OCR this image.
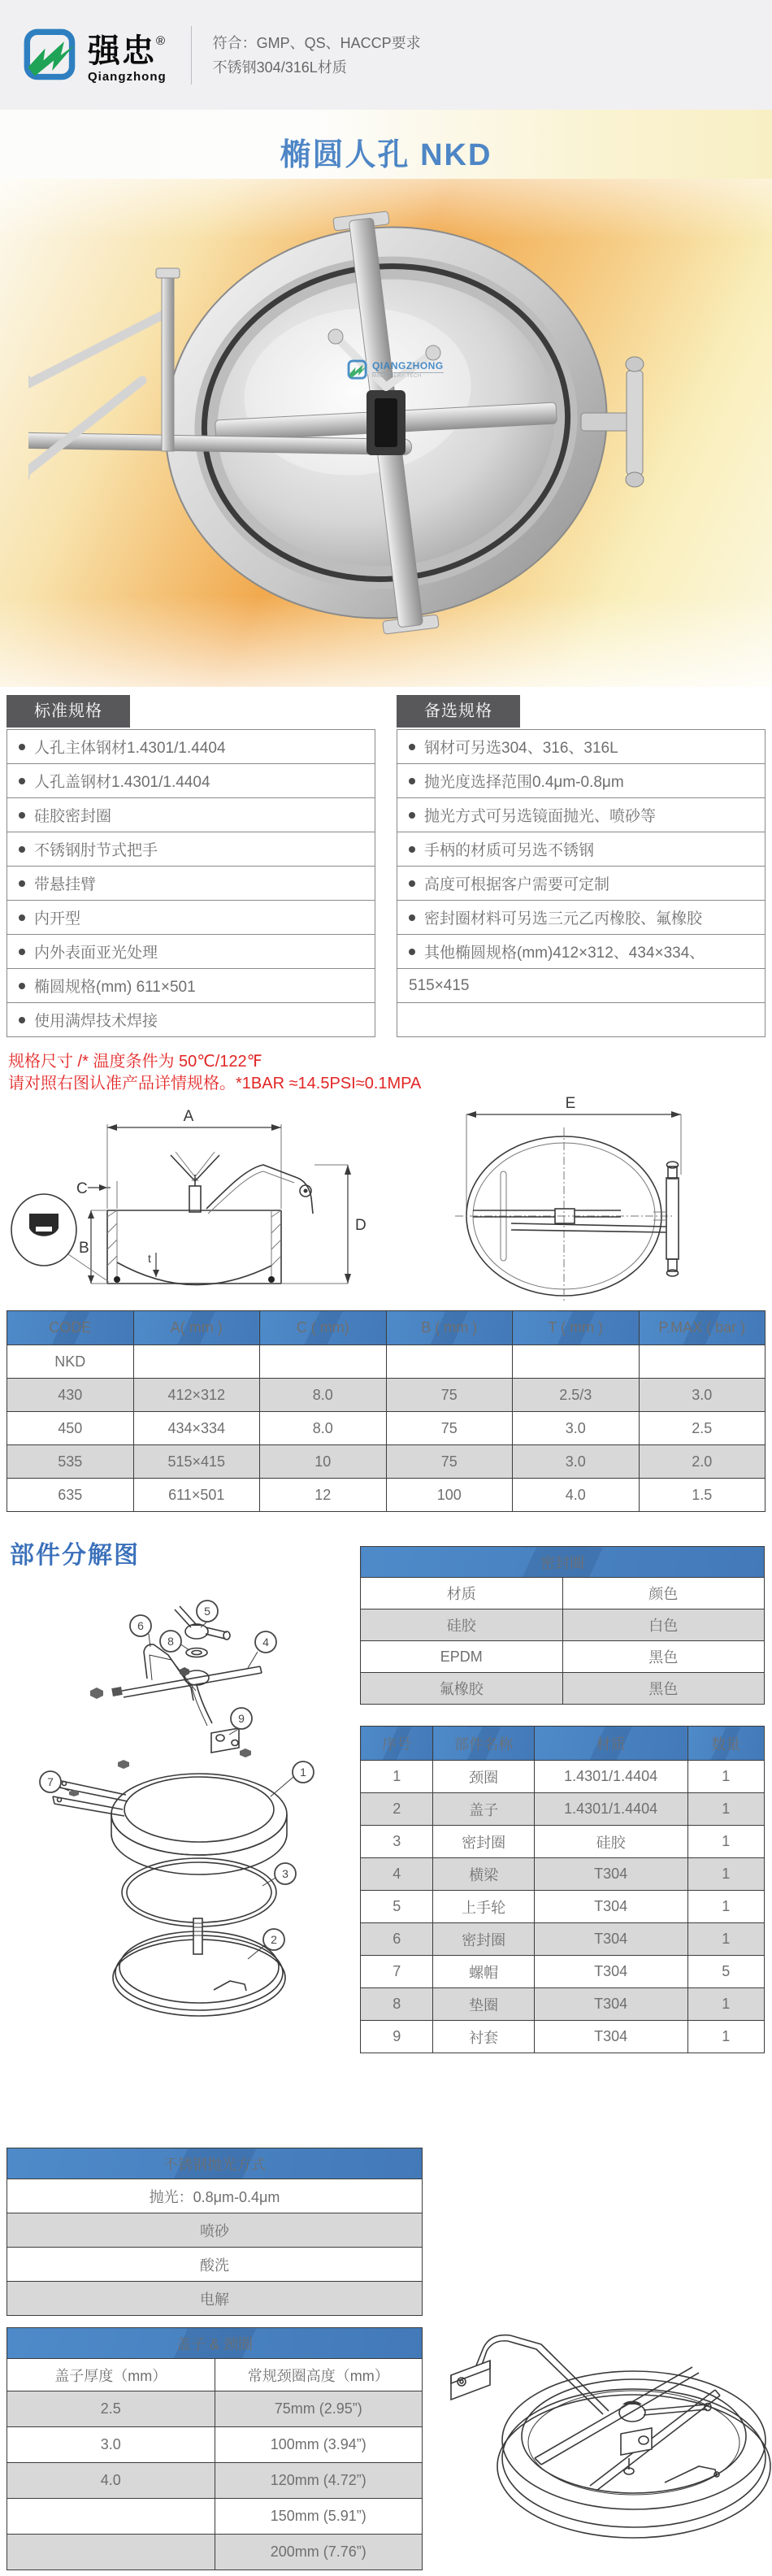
强忠®
Qiangzhong
符合：GMP、QS、HACCP要求
不锈钢304/316L材质
椭圆人孔 NKD
QIANGZHONG
MACHINERY TECH
标准规格
人孔主体钢材1.4301/1.4404
人孔盖钢材1.4301/1.4404
硅胶密封圈
不锈钢肘节式把手
带悬挂臂
内开型
内外表面亚光处理
椭圆规格(mm) 611×501
使用满焊技术焊接
备选规格
钢材可另选304、316、316L
抛光度选择范围0.4μm-0.8μm
抛光方式可另选镜面抛光、喷砂等
手柄的材质可另选不锈钢
高度可根据客户需要可定制
密封圈材料可另选三元乙丙橡胶、氟橡胶
其他椭圆规格(mm)412×312、434×334、
515×415
规格尺寸 /* 温度条件为 50℃/122℉
请对照右图认准产品详情规格。*1BAR ≈14.5PSI≈0.1MPA
A
D
C
B
t
E
CODE	A( mm )	C ( mm)	B ( mm )	T ( mm )	P.MAX ( bar )
NKD					
430	412×312	8.0	75	2.5/3	3.0
450	434×334	8.0	75	3.0	2.5
535	515×415	10	75	3.0	2.0
635	611×501	12	100	4.0	1.5
部件分解图
5
6
8	4
9
7
1
3
2
密封圈	
材质	颜色
硅胶	白色
EPDM	黑色
氟橡胶	黑色
序号	部件名称	材质	数量
1	颈圈	1.4301/1.4404	1
2	盖子	1.4301/1.4404	1
3	密封圈	硅胶	1
4	横梁	T304	1
5	上手轮	T304	1
6	密封圈	T304	1
7	螺帽	T304	5
8	垫圈	T304	1
9	衬套	T304	1
不锈钢抛光方式
抛光：0.8μm-0.4μm
喷砂
酸洗
电解
盖子 & 颈圈	
盖子厚度（mm）	常规颈圈高度（mm）
2.5	75mm (2.95”)
3.0	100mm (3.94”)
4.0	120mm (4.72”)
	150mm (5.91”)
	200mm (7.76”)
